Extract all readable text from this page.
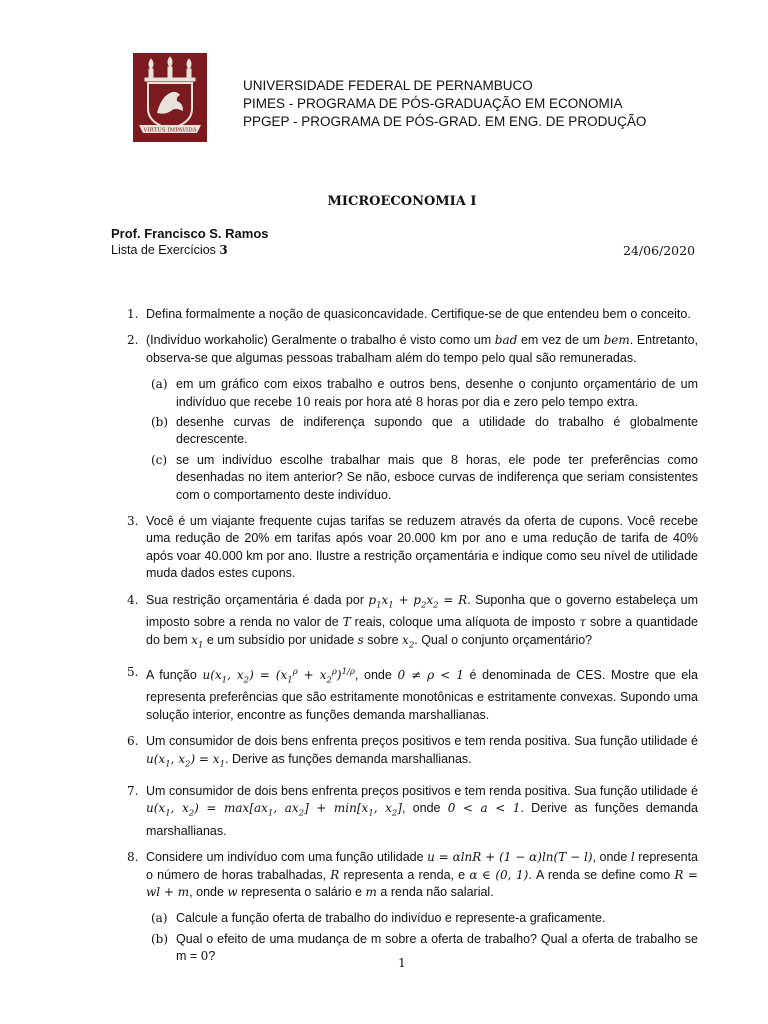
VIRTUS IMPAVIDA
UNIVERSIDADE FEDERAL DE PERNAMBUCO
PIMES - PROGRAMA DE PÓS-GRADUAÇÃO EM ECONOMIA
PPGEP - PROGRAMA DE PÓS-GRAD. EM ENG. DE PRODUÇÃO
MICROECONOMIA I
Prof. Francisco S. Ramos
Lista de Exercícios 3	24/06/2020
1. Defina formalmente a noção de quasiconcavidade. Certifique-se de que entendeu bem o conceito.

2. (Indivíduo workaholic) Geralmente o trabalho é visto como um bad em vez de um bem. Entretanto, observa-se que algumas pessoas trabalham além do tempo pelo qual são remuneradas.

(a) em um gráfico com eixos trabalho e outros bens, desenhe o conjunto orçamentário de um indivíduo que recebe 10 reais por hora até 8 horas por dia e zero pelo tempo extra.

(b) desenhe curvas de indiferença supondo que a utilidade do trabalho é globalmente decrescente.

(c) se um indivíduo escolhe trabalhar mais que 8 horas, ele pode ter preferências como desenhadas no item anterior? Se não, esboce curvas de indiferença que seriam consistentes com o comportamento deste indivíduo.

3. Você é um viajante frequente cujas tarifas se reduzem através da oferta de cupons. Você recebe uma redução de 20% em tarifas após voar 20.000 km por ano e uma redução de tarifa de 40% após voar 40.000 km por ano. Ilustre a restrição orçamentária e indique como seu nível de utilidade muda dados estes cupons.

4. Sua restrição orçamentária é dada por $p_1x_1 + p_2x_2 = R$. Suponha que o governo estabeleça um imposto sobre a renda no valor de T reais, coloque uma alíquota de imposto τ sobre a quantidade do bem $x_1$ e um subsídio por unidade s sobre $x_2$. Qual o conjunto orçamentário?

5. A função $u(x_1$, $x_2) = (x_1^\rho + x_2^\rho)^{1/\rho}$, onde 0 ≠ ρ < 1 é denominada de CES. Mostre que ela representa preferências que são estritamente monotônicas e estritamente convexas. Supondo uma solução interior, encontre as funções demanda marshallianas.

6. Um consumidor de dois bens enfrenta preços positivos e tem renda positiva. Sua função utilidade é $u(x_1$, $x_2) = x_1$. Derive as funções demanda marshallianas.

7. Um consumidor de dois bens enfrenta preços positivos e tem renda positiva. Sua função utilidade é $u(x_1$, $x_2) = \max[ax_1$, $ax_2] + \min[x_1$, $x_2$], onde 0 < a < 1. Derive as funções demanda marshallianas.

8. Considere um indivíduo com uma função utilidade u = αlnR + (1 − α)ln(T − l), onde l representa o número de horas trabalhadas, R representa a renda, e α ∈ (0, 1). A renda se define como R = wl + m, onde w representa o salário e m a renda não salarial.

(a) Calcule a função oferta de trabalho do indivíduo e represente-a graficamente.

(b) Qual o efeito de uma mudança de m sobre a oferta de trabalho? Qual a oferta de trabalho se m = 0?	1
